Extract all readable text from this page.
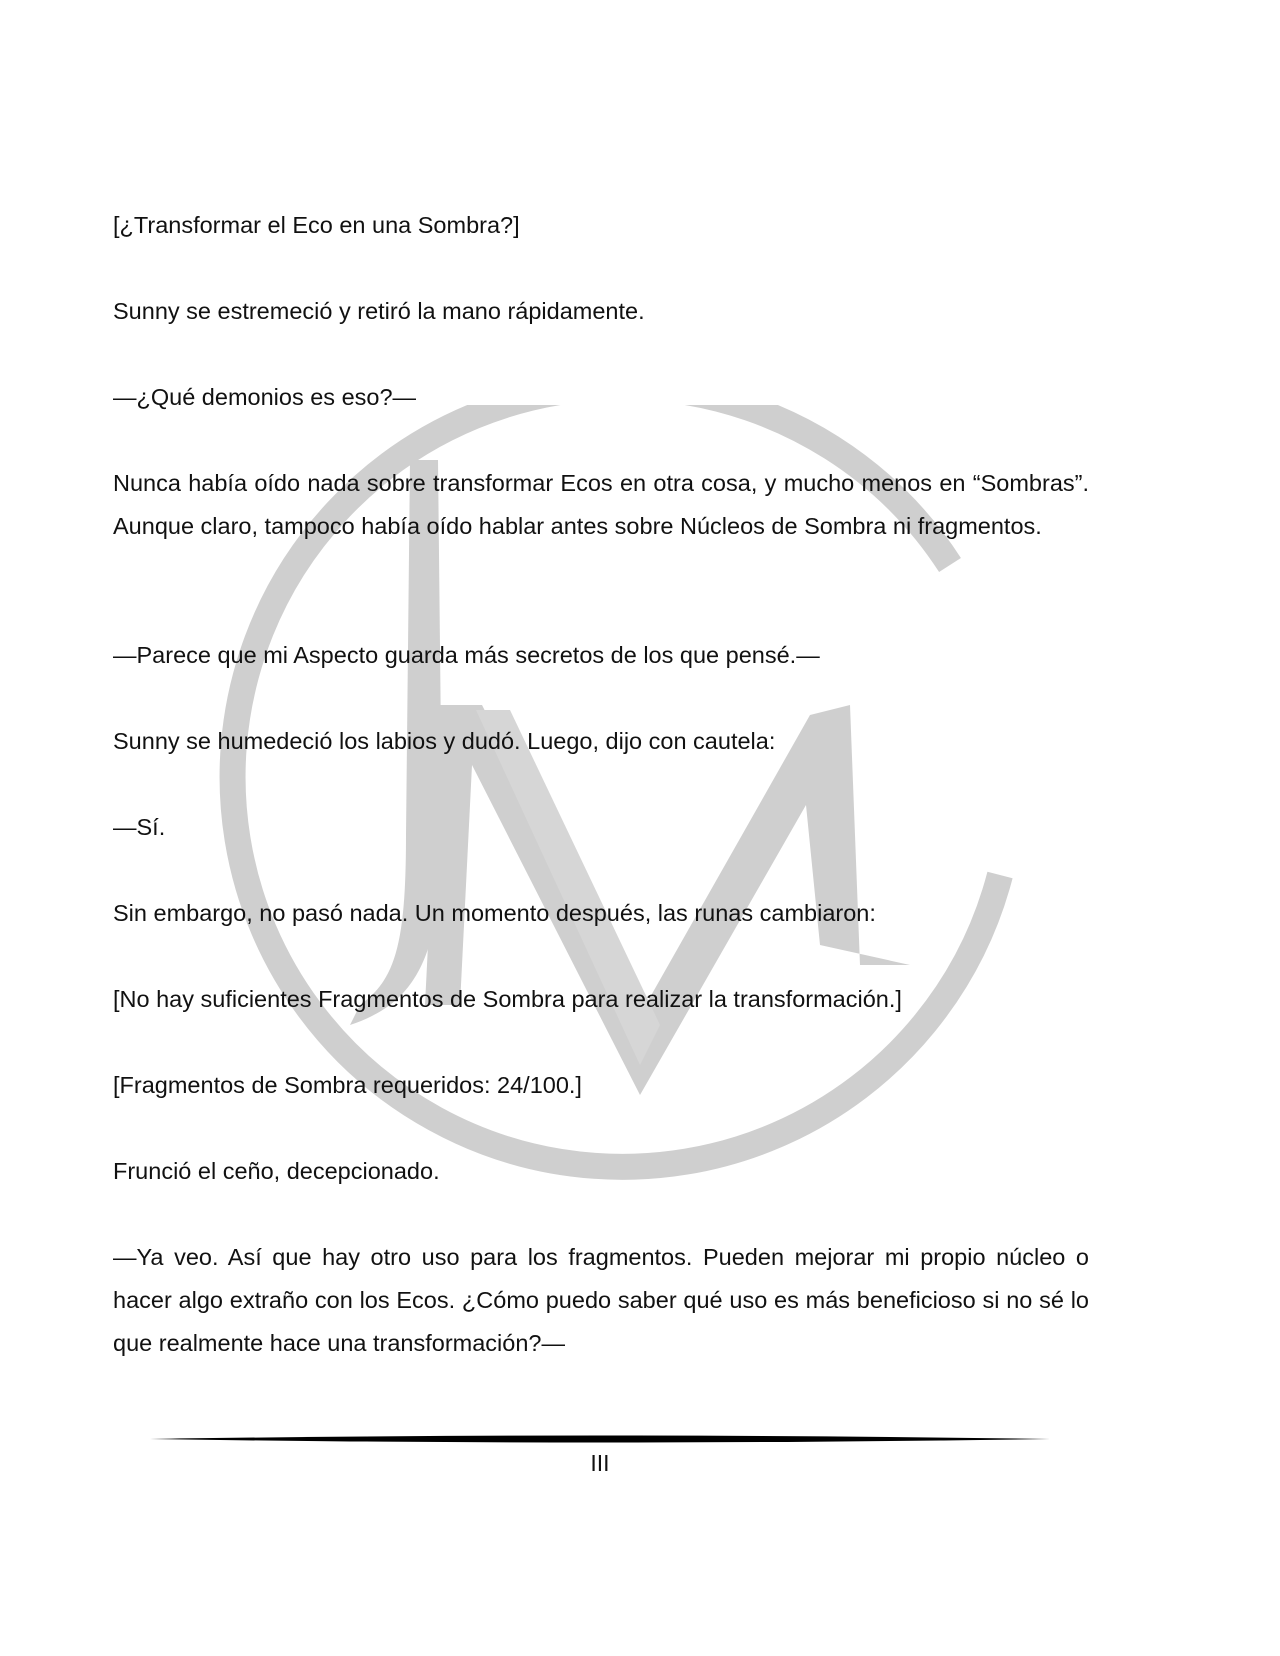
[¿Transformar el Eco en una Sombra?]

Sunny se estremeció y retiró la mano rápidamente.

—¿Qué demonios es eso?—

Nunca había oído nada sobre transformar Ecos en otra cosa, y mucho menos en “Sombras”. Aunque claro, tampoco había oído hablar antes sobre Núcleos de Sombra ni fragmentos.

—Parece que mi Aspecto guarda más secretos de los que pensé.—

Sunny se humedeció los labios y dudó. Luego, dijo con cautela:

—Sí.

Sin embargo, no pasó nada. Un momento después, las runas cambiaron:

[No hay suficientes Fragmentos de Sombra para realizar la transformación.]

[Fragmentos de Sombra requeridos: 24/100.]

Frunció el ceño, decepcionado.

—Ya veo. Así que hay otro uso para los fragmentos. Pueden mejorar mi propio núcleo o hacer algo extraño con los Ecos. ¿Cómo puedo saber qué uso es más beneficioso si no sé lo que realmente hace una transformación?—

III
